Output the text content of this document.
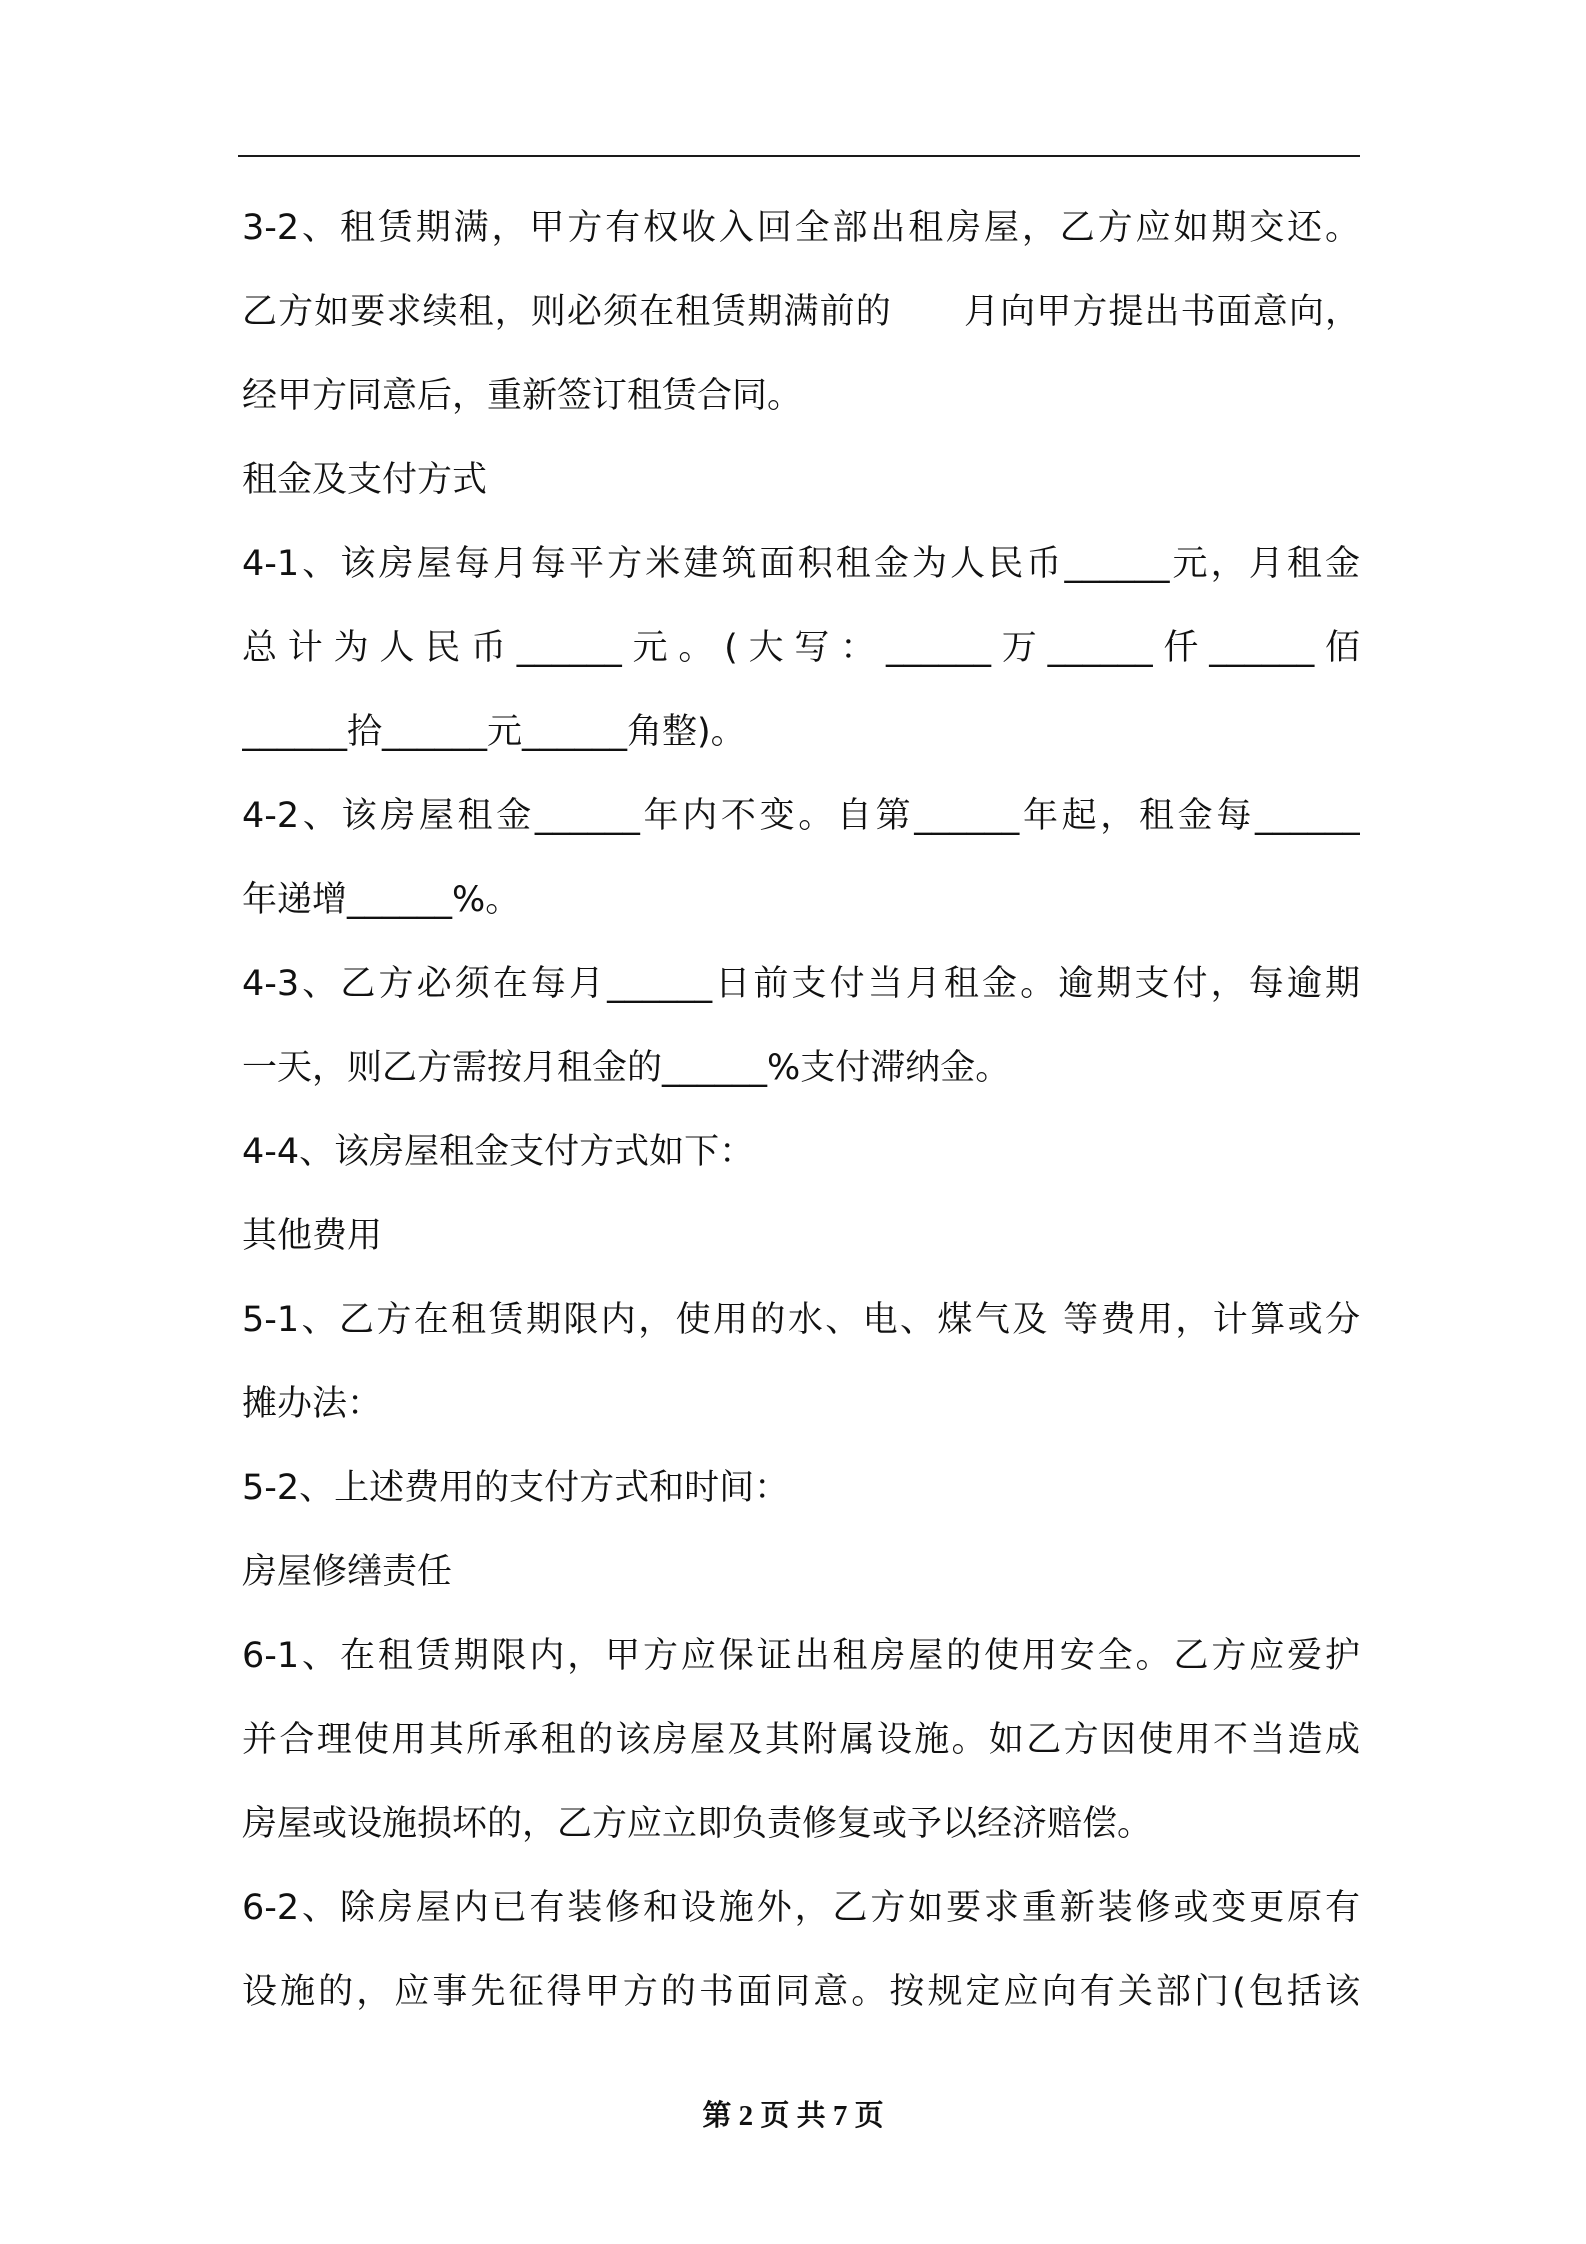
3-2、租赁期满，甲方有权收入回全部出租房屋，乙方应如期交还。
乙方如要求续租，则必须在租赁期满前的　　月向甲方提出书面意向，
经甲方同意后，重新签订租赁合同。
租金及支付方式
4-1、该房屋每月每平方米建筑面积租金为人民币______元，月租金
总计为人民币______元。(大写：______万______仟______佰
______拾______元______角整)。
4-2、该房屋租金______年内不变。自第______年起，租金每______
年递增______%。
4-3、乙方必须在每月______日前支付当月租金。逾期支付，每逾期
一天，则乙方需按月租金的______%支付滞纳金。
4-4、该房屋租金支付方式如下：
其他费用
5-1、乙方在租赁期限内，使用的水、电、煤气及 等费用，计算或分
摊办法：
5-2、上述费用的支付方式和时间：
房屋修缮责任
6-1、在租赁期限内，甲方应保证出租房屋的使用安全。乙方应爱护
并合理使用其所承租的该房屋及其附属设施。如乙方因使用不当造成
房屋或设施损坏的，乙方应立即负责修复或予以经济赔偿。
6-2、除房屋内已有装修和设施外，乙方如要求重新装修或变更原有
设施的，应事先征得甲方的书面同意。按规定应向有关部门(包括该
第 2 页 共 7 页
